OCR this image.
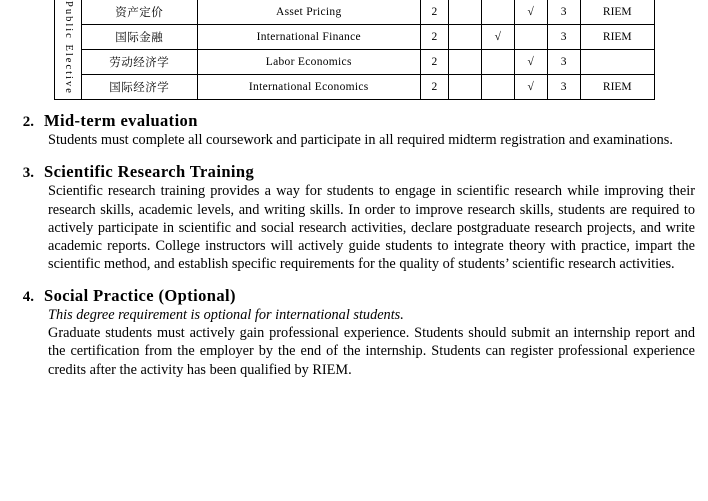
Public Elective	资产定价	Asset Pricing	2			√	3	RIEM
	国际金融	International Finance	2		√		3	RIEM
	劳动经济学	Labor Economics	2			√	3	
	国际经济学	International Economics	2			√	3	RIEM
2. Mid-term evaluation
Students must complete all coursework and participate in all required midterm registration and examinations.
3. Scientific Research Training
Scientific research training provides a way for students to engage in scientific research while improving their research skills, academic levels, and writing skills. In order to improve research skills, students are required to actively participate in scientific and social research activities, declare postgraduate research projects, and write academic reports. College instructors will actively guide students to integrate theory with practice, impart the scientific method, and establish specific requirements for the quality of students’ scientific research activities.
4. Social Practice (Optional)
This degree requirement is optional for international students.
Graduate students must actively gain professional experience. Students should submit an internship report and the certification from the employer by the end of the internship. Students can register professional experience credits after the activity has been qualified by RIEM.
